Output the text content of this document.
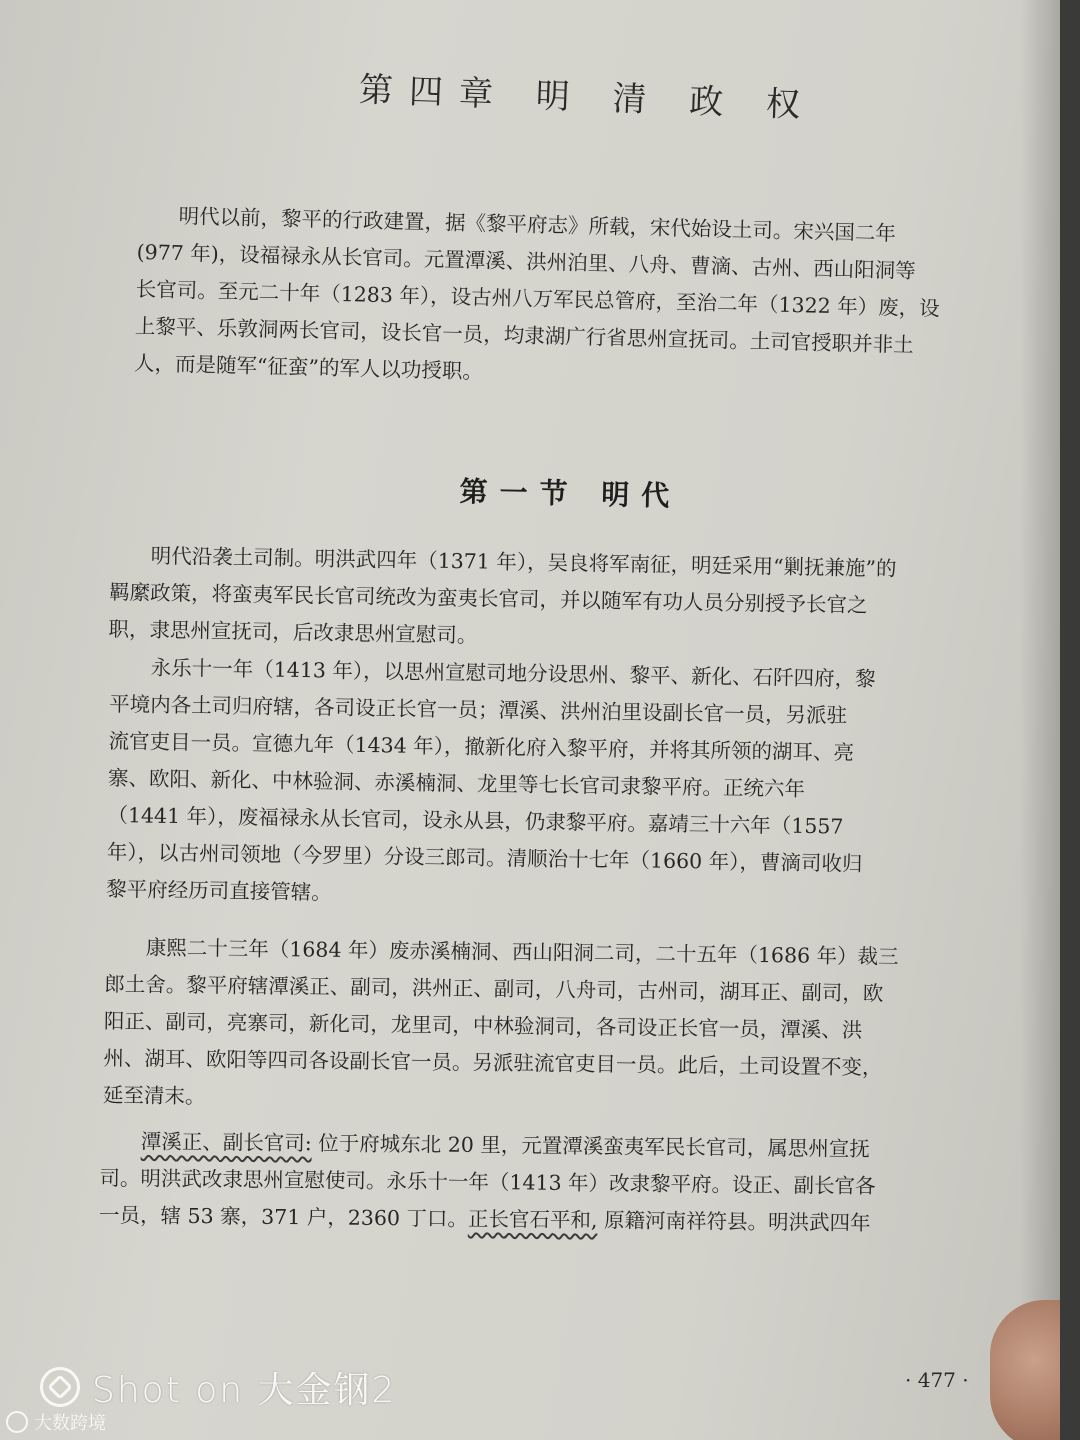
第四章 明 清 政 权
　　明代以前，黎平的行政建置，据《黎平府志》所载，宋代始设土司。宋兴国二年
(977 年)，设福禄永从长官司。元置潭溪、洪州泊里、八舟、曹滴、古州、西山阳洞等
长官司。至元二十年（1283 年），设古州八万军民总管府，至治二年（1322 年）废，设
上黎平、乐敦洞两长官司，设长官一员，均隶湖广行省思州宣抚司。土司官授职并非土
人，而是随军“征蛮”的军人以功授职。
第一节 明代
　　明代沿袭土司制。明洪武四年（1371 年），吴良将军南征，明廷采用“剿抚兼施”的
羁縻政策，将蛮夷军民长官司统改为蛮夷长官司，并以随军有功人员分别授予长官之
职，隶思州宣抚司，后改隶思州宣慰司。
　　永乐十一年（1413 年），以思州宣慰司地分设思州、黎平、新化、石阡四府，黎
平境内各土司归府辖，各司设正长官一员；潭溪、洪州泊里设副长官一员，另派驻
流官吏目一员。宣德九年（1434 年），撤新化府入黎平府，并将其所领的湖耳、亮
寨、欧阳、新化、中林验洞、赤溪楠洞、龙里等七长官司隶黎平府。正统六年
（1441 年），废福禄永从长官司，设永从县，仍隶黎平府。嘉靖三十六年（1557
年），以古州司领地（今罗里）分设三郎司。清顺治十七年（1660 年），曹滴司收归
黎平府经历司直接管辖。
　　康熙二十三年（1684 年）废赤溪楠洞、西山阳洞二司，二十五年（1686 年）裁三
郎土舍。黎平府辖潭溪正、副司，洪州正、副司，八舟司，古州司，湖耳正、副司，欧
阳正、副司，亮寨司，新化司，龙里司，中林验洞司，各司设正长官一员，潭溪、洪
州、湖耳、欧阳等四司各设副长官一员。另派驻流官吏目一员。此后，土司设置不变，
延至清末。
　　潭溪正、副长官司: 位于府城东北 20 里，元置潭溪蛮夷军民长官司，属思州宣抚
司。明洪武改隶思州宣慰使司。永乐十一年（1413 年）改隶黎平府。设正、副长官各
一员，辖 53 寨，371 户，2360 丁口。正长官石平和, 原籍河南祥符县。明洪武四年
· 477 ·
Shot on 大金钢2
大数跨境
